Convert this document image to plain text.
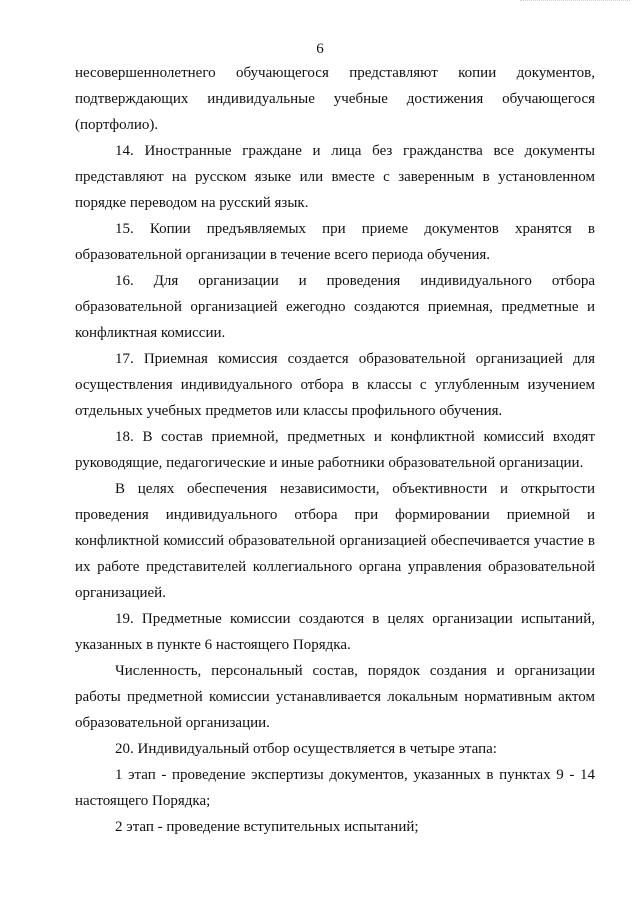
6

несовершеннолетнего обучающегося представляют копии документов, подтверждающих индивидуальные учебные достижения обучающегося (портфолио).

14. Иностранные граждане и лица без гражданства все документы представляют на русском языке или вместе с заверенным в установленном порядке переводом на русский язык.

15. Копии предъявляемых при приеме документов хранятся в образовательной организации в течение всего периода обучения.

16. Для организации и проведения индивидуального отбора образовательной организацией ежегодно создаются приемная, предметные и конфликтная комиссии.

17. Приемная комиссия создается образовательной организацией для осуществления индивидуального отбора в классы с углубленным изучением отдельных учебных предметов или классы профильного обучения.

18. В состав приемной, предметных и конфликтной комиссий входят руководящие, педагогические и иные работники образовательной организации.

В целях обеспечения независимости, объективности и открытости проведения индивидуального отбора при формировании приемной и конфликтной комиссий образовательной организацией обеспечивается участие в их работе представителей коллегиального органа управления образовательной организацией.

19. Предметные комиссии создаются в целях организации испытаний, указанных в пункте 6 настоящего Порядка.

Численность, персональный состав, порядок создания и организации работы предметной комиссии устанавливается локальным нормативным актом образовательной организации.

20. Индивидуальный отбор осуществляется в четыре этапа:

1 этап - проведение экспертизы документов, указанных в пунктах 9 - 14 настоящего Порядка;

2 этап - проведение вступительных испытаний;
